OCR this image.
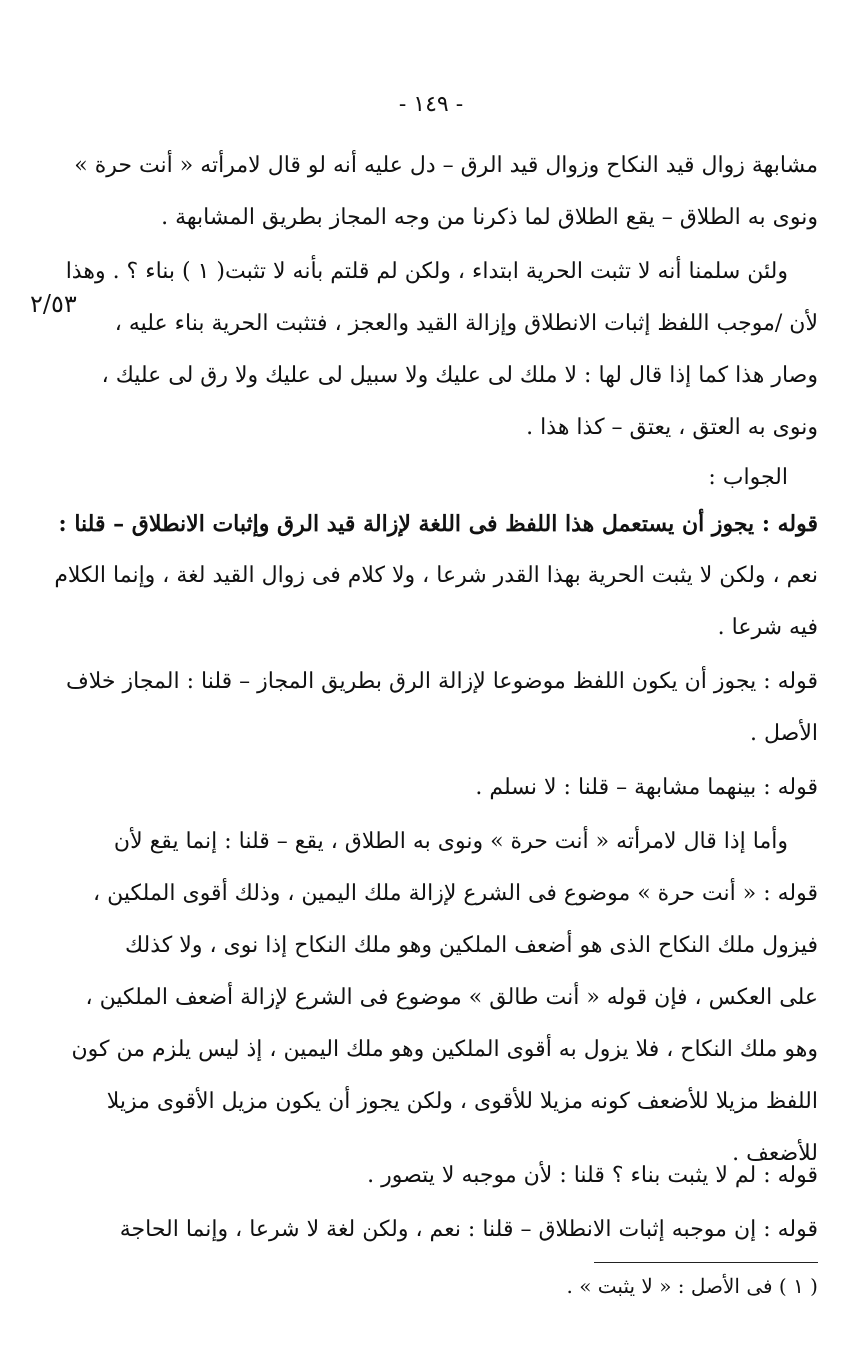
- ١٤٩ -
٢/٥٣
مشابهة زوال قيد النكاح وزوال قيد الرق – دل عليه أنه لو قال لامرأته « أنت حرة »
ونوى به الطلاق – يقع الطلاق لما ذكرنا من وجه المجاز بطريق المشابهة .
ولئن سلمنا أنه لا تثبت الحرية ابتداء ، ولكن لم قلتم بأنه لا تثبت( ١ ) بناء ؟ . وهذا
لأن /موجب اللفظ إثبات الانطلاق وإزالة القيد والعجز ، فتثبت الحرية بناء عليه ،
وصار هذا كما إذا قال لها : لا ملك لى عليك ولا سبيل لى عليك ولا رق لى عليك ،
ونوى به العتق ، يعتق – كذا هذا .
الجواب :
قوله : يجوز أن يستعمل هذا اللفظ فى اللغة لإزالة قيد الرق وإثبات الانطلاق – قلنا :
نعم ، ولكن لا يثبت الحرية بهذا القدر شرعا ، ولا كلام فى زوال القيد لغة ، وإنما الكلام
فيه شرعا .
قوله : يجوز أن يكون اللفظ موضوعا لإزالة الرق بطريق المجاز – قلنا : المجاز خلاف
الأصل .
قوله : بينهما مشابهة – قلنا : لا نسلم .
وأما إذا قال لامرأته « أنت حرة » ونوى به الطلاق ، يقع – قلنا : إنما يقع لأن
قوله : « أنت حرة » موضوع فى الشرع لإزالة ملك اليمين ، وذلك أقوى الملكين ،
فيزول ملك النكاح الذى هو أضعف الملكين وهو ملك النكاح إذا نوى ، ولا كذلك
على العكس ، فإن قوله « أنت طالق » موضوع فى الشرع لإزالة أضعف الملكين ،
وهو ملك النكاح ، فلا يزول به أقوى الملكين وهو ملك اليمين ، إذ ليس يلزم من كون
اللفظ مزيلا للأضعف كونه مزيلا للأقوى ، ولكن يجوز أن يكون مزيل الأقوى مزيلا
للأضعف .
قوله : لم لا يثبت بناء ؟ قلنا : لأن موجبه لا يتصور .
قوله : إن موجبه إثبات الانطلاق – قلنا : نعم ، ولكن لغة لا شرعا ، وإنما الحاجة
( ١ ) فى الأصل : « لا يثبت » .
